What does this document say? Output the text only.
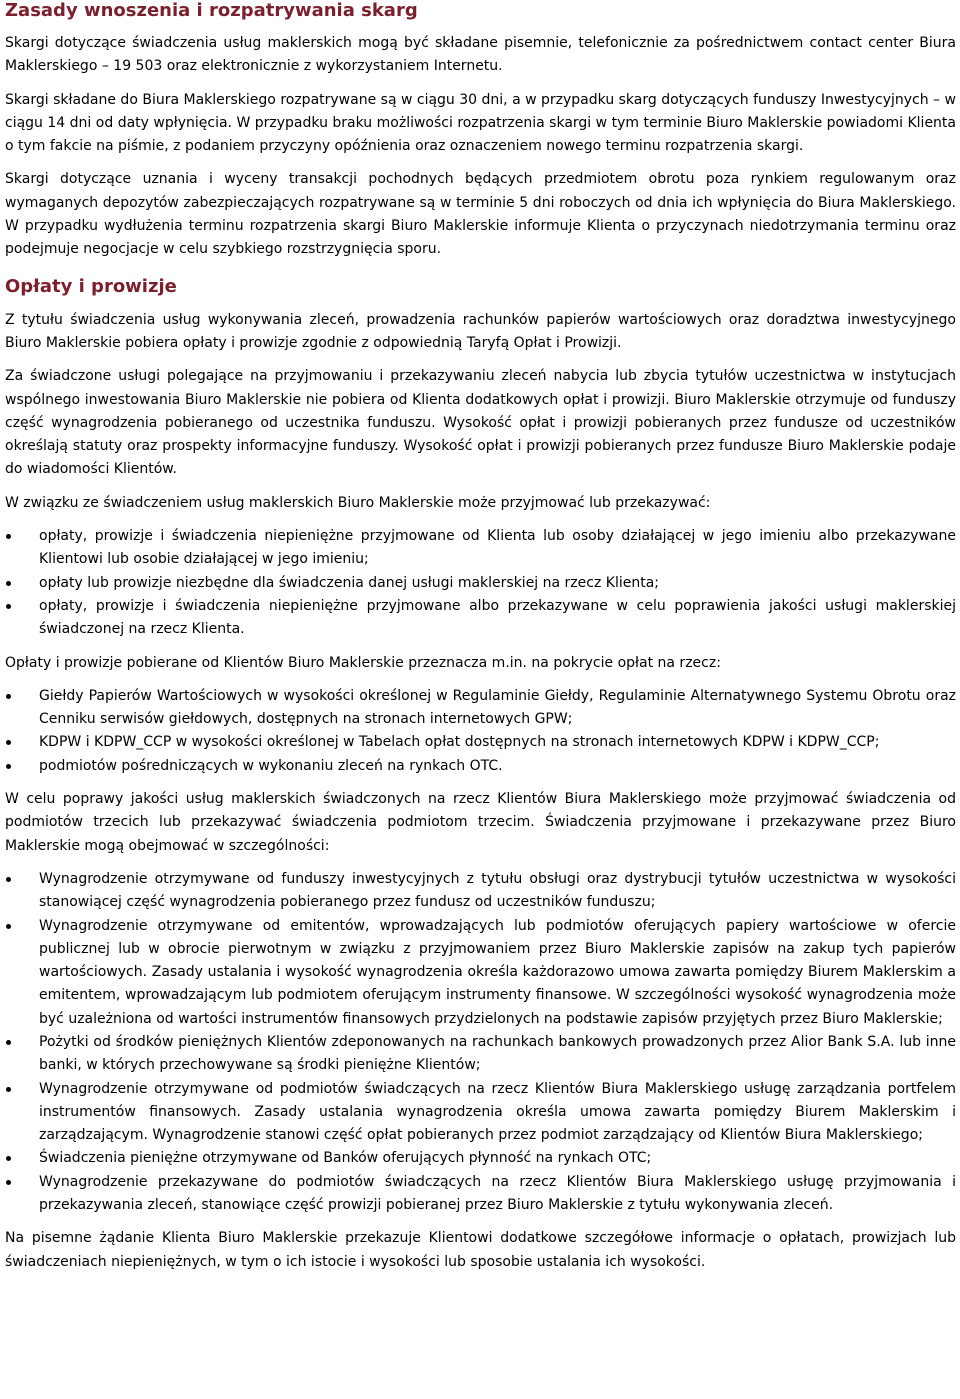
Zasady wnoszenia i rozpatrywania skarg

Skargi dotyczące świadczenia usług maklerskich mogą być składane pisemnie, telefonicznie za pośrednictwem contact center Biura Maklerskiego – 19 503 oraz elektronicznie z wykorzystaniem Internetu.

Skargi składane do Biura Maklerskiego rozpatrywane są w ciągu 30 dni, a w przypadku skarg dotyczących funduszy Inwestycyjnych – w ciągu 14 dni od daty wpłynięcia. W przypadku braku możliwości rozpatrzenia skargi w tym terminie Biuro Maklerskie powiadomi Klienta o tym fakcie na piśmie, z podaniem przyczyny opóźnienia oraz oznaczeniem nowego terminu rozpatrzenia skargi.

Skargi dotyczące uznania i wyceny transakcji pochodnych będących przedmiotem obrotu poza rynkiem regulowanym oraz wymaganych depozytów zabezpieczających rozpatrywane są w terminie 5 dni roboczych od dnia ich wpłynięcia do Biura Maklerskiego. W przypadku wydłużenia terminu rozpatrzenia skargi Biuro Maklerskie informuje Klienta o przyczynach niedotrzymania terminu oraz podejmuje negocjacje w celu szybkiego rozstrzygnięcia sporu.

Opłaty i prowizje

Z tytułu świadczenia usług wykonywania zleceń, prowadzenia rachunków papierów wartościowych oraz doradztwa inwestycyjnego Biuro Maklerskie pobiera opłaty i prowizje zgodnie z odpowiednią Taryfą Opłat i Prowizji.

Za świadczone usługi polegające na przyjmowaniu i przekazywaniu zleceń nabycia lub zbycia tytułów uczestnictwa w instytucjach wspólnego inwestowania Biuro Maklerskie nie pobiera od Klienta dodatkowych opłat i prowizji. Biuro Maklerskie otrzymuje od funduszy część wynagrodzenia pobieranego od uczestnika funduszu. Wysokość opłat i prowizji pobieranych przez fundusze od uczestników określają statuty oraz prospekty informacyjne funduszy. Wysokość opłat i prowizji pobieranych przez fundusze Biuro Maklerskie podaje do wiadomości Klientów.

W związku ze świadczeniem usług maklerskich Biuro Maklerskie może przyjmować lub przekazywać:

opłaty, prowizje i świadczenia niepieniężne przyjmowane od Klienta lub osoby działającej w jego imieniu albo przekazywane Klientowi lub osobie działającej w jego imieniu;
opłaty lub prowizje niezbędne dla świadczenia danej usługi maklerskiej na rzecz Klienta;
opłaty, prowizje i świadczenia niepieniężne przyjmowane albo przekazywane w celu poprawienia jakości usługi maklerskiej świadczonej na rzecz Klienta.

Opłaty i prowizje pobierane od Klientów Biuro Maklerskie przeznacza m.in. na pokrycie opłat na rzecz:

Giełdy Papierów Wartościowych w wysokości określonej w Regulaminie Giełdy, Regulaminie Alternatywnego Systemu Obrotu oraz Cenniku serwisów giełdowych, dostępnych na stronach internetowych GPW;
KDPW i KDPW_CCP w wysokości określonej w Tabelach opłat dostępnych na stronach internetowych KDPW i KDPW_CCP;
podmiotów pośredniczących w wykonaniu zleceń na rynkach OTC.

W celu poprawy jakości usług maklerskich świadczonych na rzecz Klientów Biura Maklerskiego może przyjmować świadczenia od podmiotów trzecich lub przekazywać świadczenia podmiotom trzecim. Świadczenia przyjmowane i przekazywane przez Biuro Maklerskie mogą obejmować w szczególności:

Wynagrodzenie otrzymywane od funduszy inwestycyjnych z tytułu obsługi oraz dystrybucji tytułów uczestnictwa w wysokości stanowiącej część wynagrodzenia pobieranego przez fundusz od uczestników funduszu;
Wynagrodzenie otrzymywane od emitentów, wprowadzających lub podmiotów oferujących papiery wartościowe w ofercie publicznej lub w obrocie pierwotnym w związku z przyjmowaniem przez Biuro Maklerskie zapisów na zakup tych papierów wartościowych. Zasady ustalania i wysokość wynagrodzenia określa każdorazowo umowa zawarta pomiędzy Biurem Maklerskim a emitentem, wprowadzającym lub podmiotem oferującym instrumenty finansowe. W szczególności wysokość wynagrodzenia może być uzależniona od wartości instrumentów finansowych przydzielonych na podstawie zapisów przyjętych przez Biuro Maklerskie;
Pożytki od środków pieniężnych Klientów zdeponowanych na rachunkach bankowych prowadzonych przez Alior Bank S.A. lub inne banki, w których przechowywane są środki pieniężne Klientów;
Wynagrodzenie otrzymywane od podmiotów świadczących na rzecz Klientów Biura Maklerskiego usługę zarządzania portfelem instrumentów finansowych. Zasady ustalania wynagrodzenia określa umowa zawarta pomiędzy Biurem Maklerskim i zarządzającym. Wynagrodzenie stanowi część opłat pobieranych przez podmiot zarządzający od Klientów Biura Maklerskiego;
Świadczenia pieniężne otrzymywane od Banków oferujących płynność na rynkach OTC;
Wynagrodzenie przekazywane do podmiotów świadczących na rzecz Klientów Biura Maklerskiego usługę przyjmowania i przekazywania zleceń, stanowiące część prowizji pobieranej przez Biuro Maklerskie z tytułu wykonywania zleceń.

Na pisemne żądanie Klienta Biuro Maklerskie przekazuje Klientowi dodatkowe szczegółowe informacje o opłatach, prowizjach lub świadczeniach niepieniężnych, w tym o ich istocie i wysokości lub sposobie ustalania ich wysokości.
